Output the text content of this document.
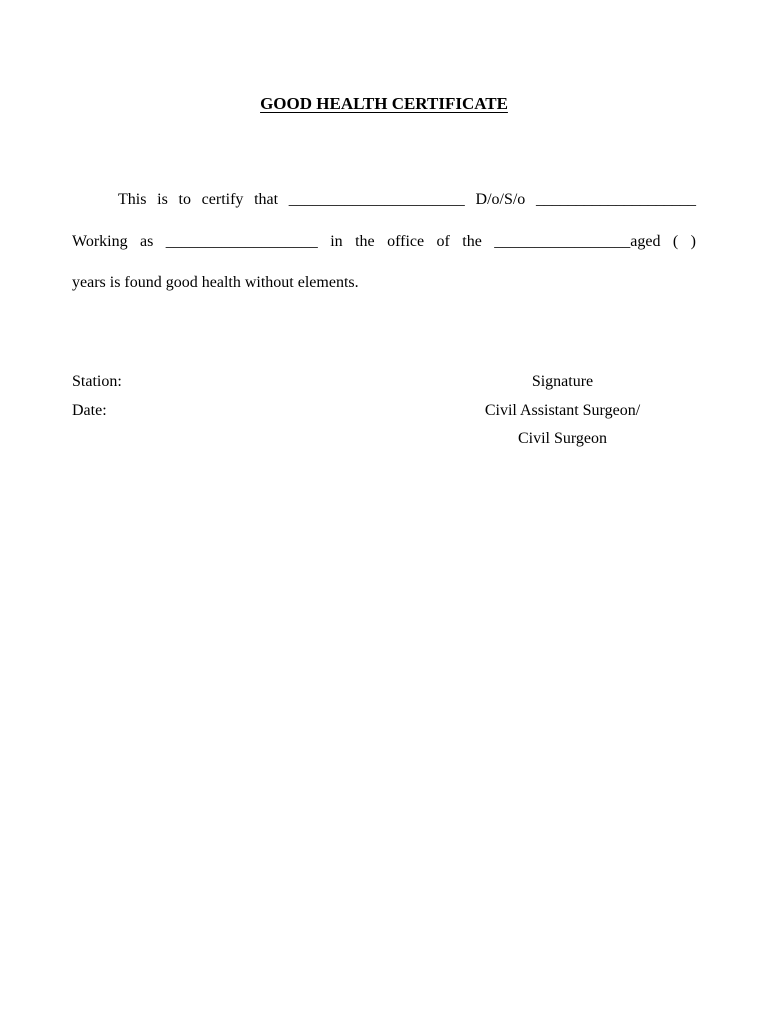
GOOD HEALTH CERTIFICATE
This is to certify that ______________________ D/o/S/o ____________________
Working as ___________________ in the office of the _________________aged ( )
years is found good health without elements.
Station:
Date:
Signature
Civil Assistant Surgeon/
Civil Surgeon
